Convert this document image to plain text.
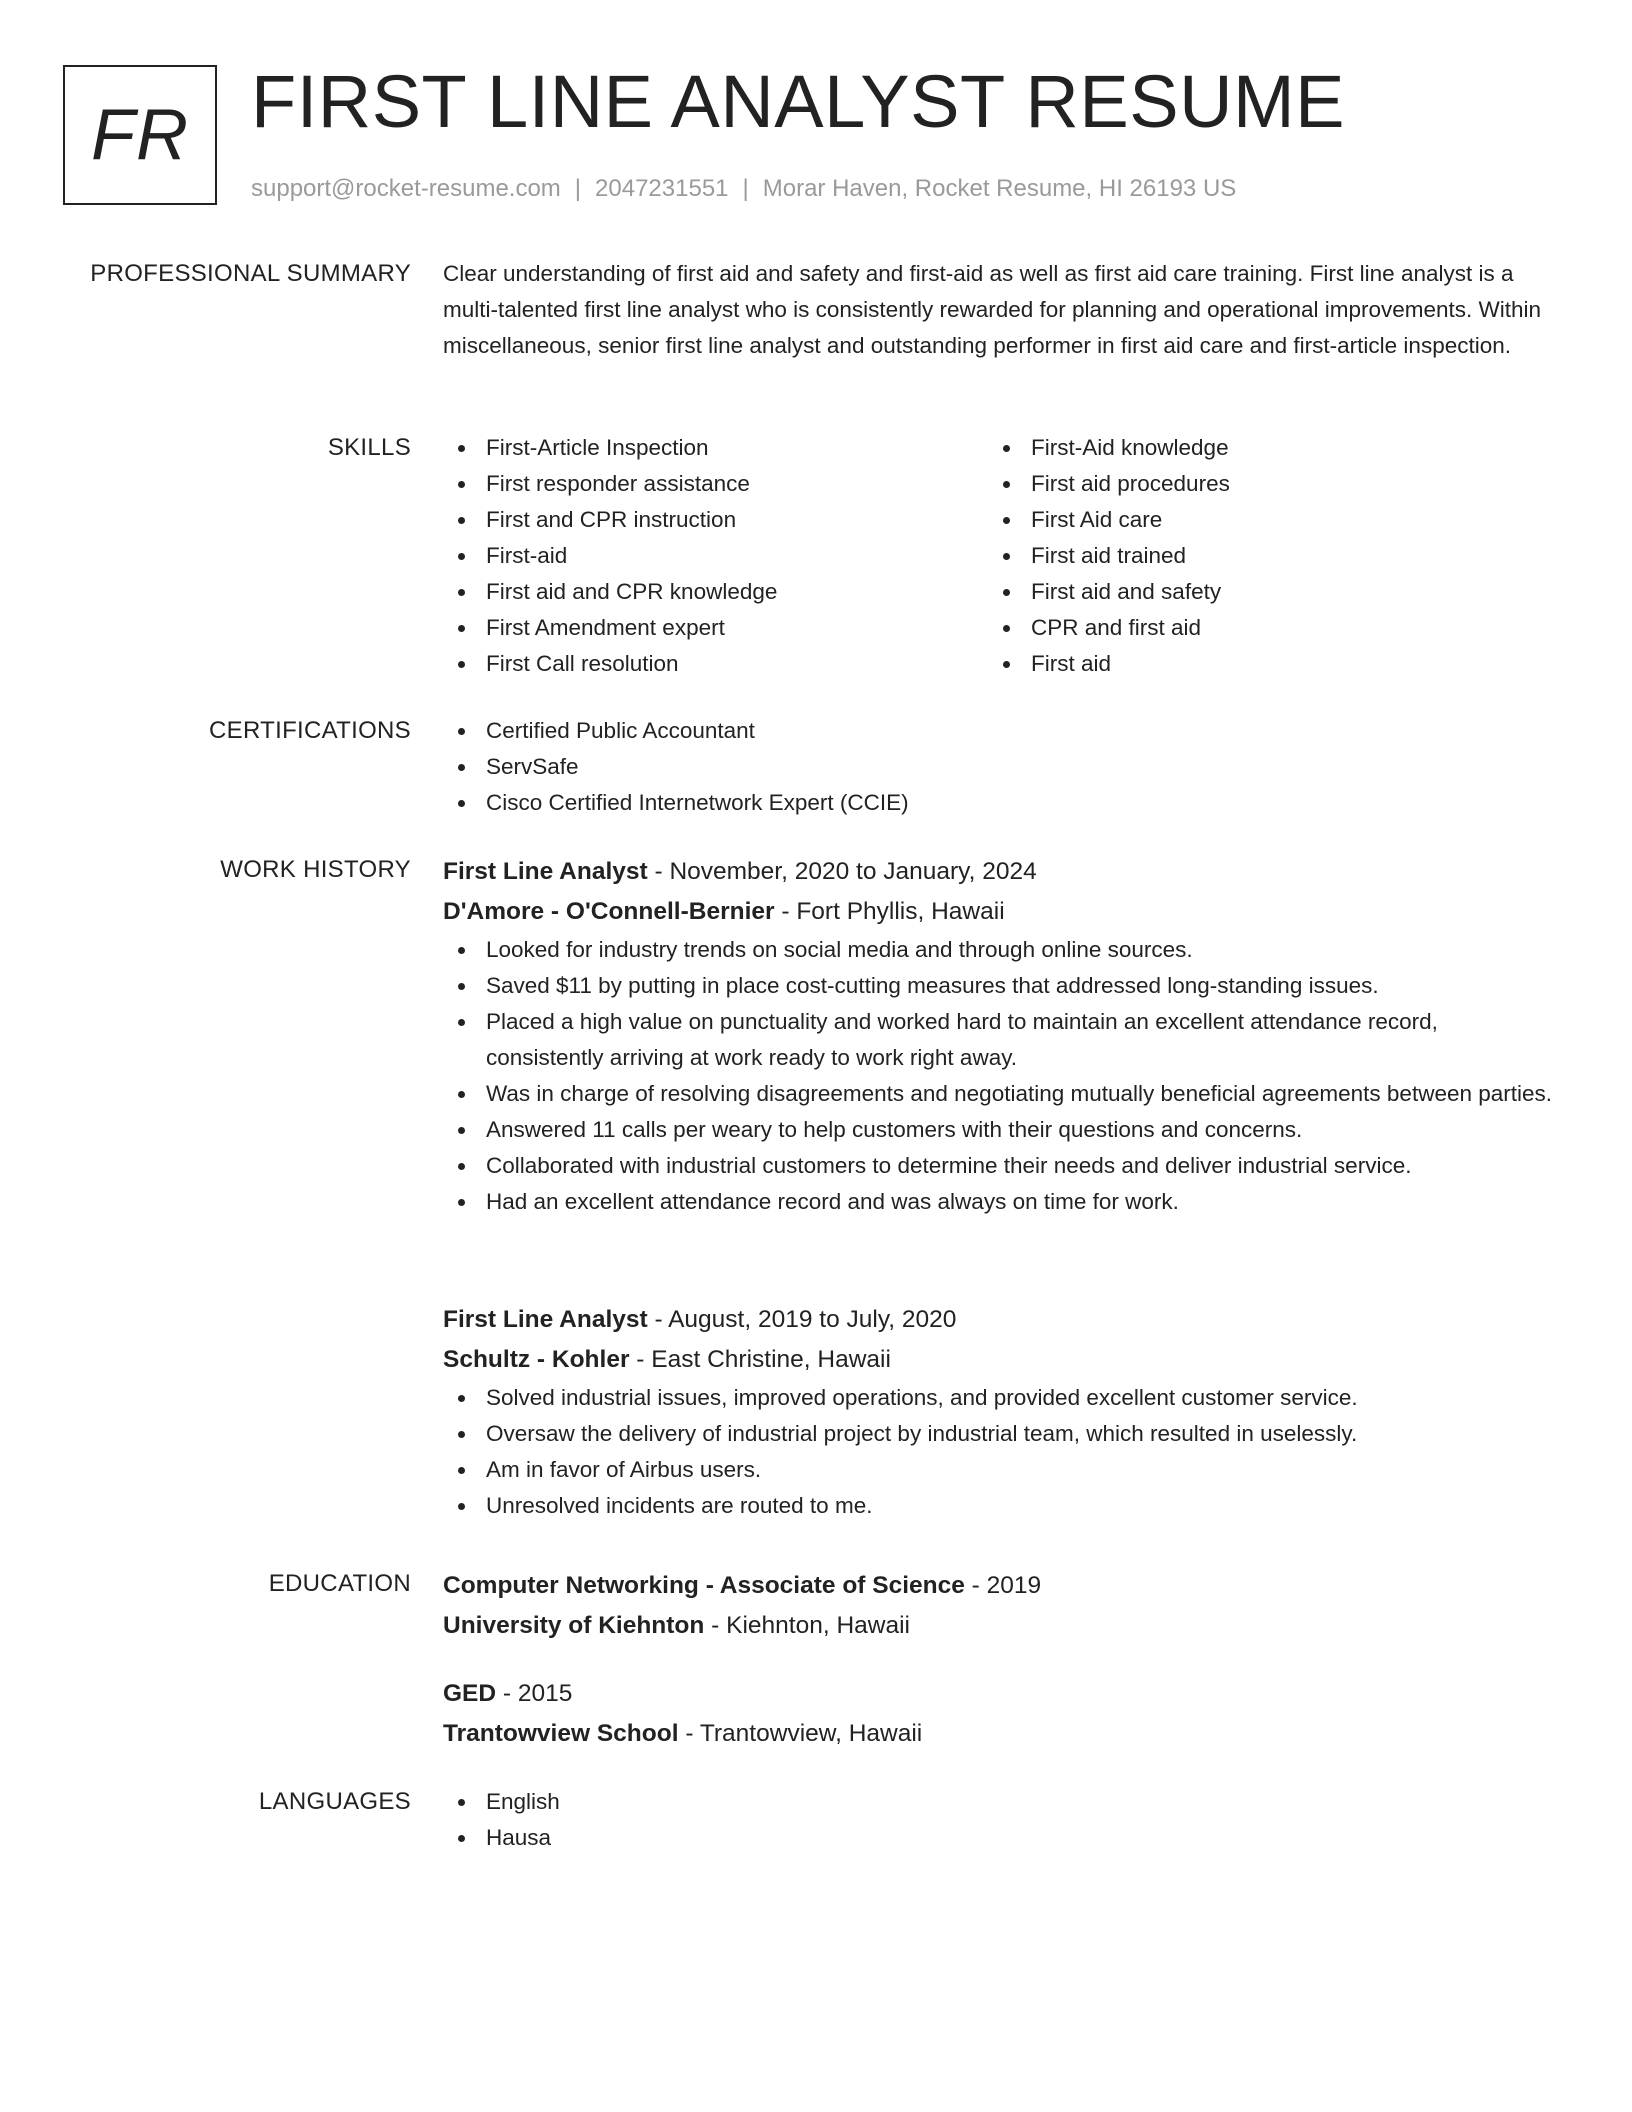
FR FIRST LINE ANALYST RESUME
support@rocket-resume.com | 2047231551 | Morar Haven, Rocket Resume, HI 26193 US
PROFESSIONAL SUMMARY Clear understanding of first aid and safety and first-aid as well as first aid care training. First line analyst is a multi-talented first line analyst who is consistently rewarded for planning and operational improvements. Within miscellaneous, senior first line analyst and outstanding performer in first aid care and first-article inspection.

SKILLS	First-Article Inspection
First responder assistance
First and CPR instruction
First-aid
First aid and CPR knowledge
First Amendment expert
First Call resolution
First-Aid knowledge
First aid procedures
First Aid care
First aid trained
First aid and safety
CPR and first aid
First aid
CERTIFICATIONS	Certified Public Accountant
ServSafe
Cisco Certified Internetwork Expert (CCIE)
WORK HISTORY First Line Analyst - November, 2020 to January, 2024
D'Amore - O'Connell-Bernier - Fort Phyllis, Hawaii
Looked for industry trends on social media and through online sources.
Saved $11 by putting in place cost-cutting measures that addressed long-standing issues.
Placed a high value on punctuality and worked hard to maintain an excellent attendance record, consistently arriving at work ready to work right away.
Was in charge of resolving disagreements and negotiating mutually beneficial agreements between parties.
Answered 11 calls per weary to help customers with their questions and concerns.
Collaborated with industrial customers to determine their needs and deliver industrial service.
Had an excellent attendance record and was always on time for work.
First Line Analyst - August, 2019 to July, 2020
Schultz - Kohler - East Christine, Hawaii
Solved industrial issues, improved operations, and provided excellent customer service.
Oversaw the delivery of industrial project by industrial team, which resulted in uselessly.
Am in favor of Airbus users.
Unresolved incidents are routed to me.
EDUCATION Computer Networking - Associate of Science - 2019
University of Kiehnton - Kiehnton, Hawaii
GED - 2015
Trantowview School - Trantowview, Hawaii
LANGUAGES	English
Hausa
